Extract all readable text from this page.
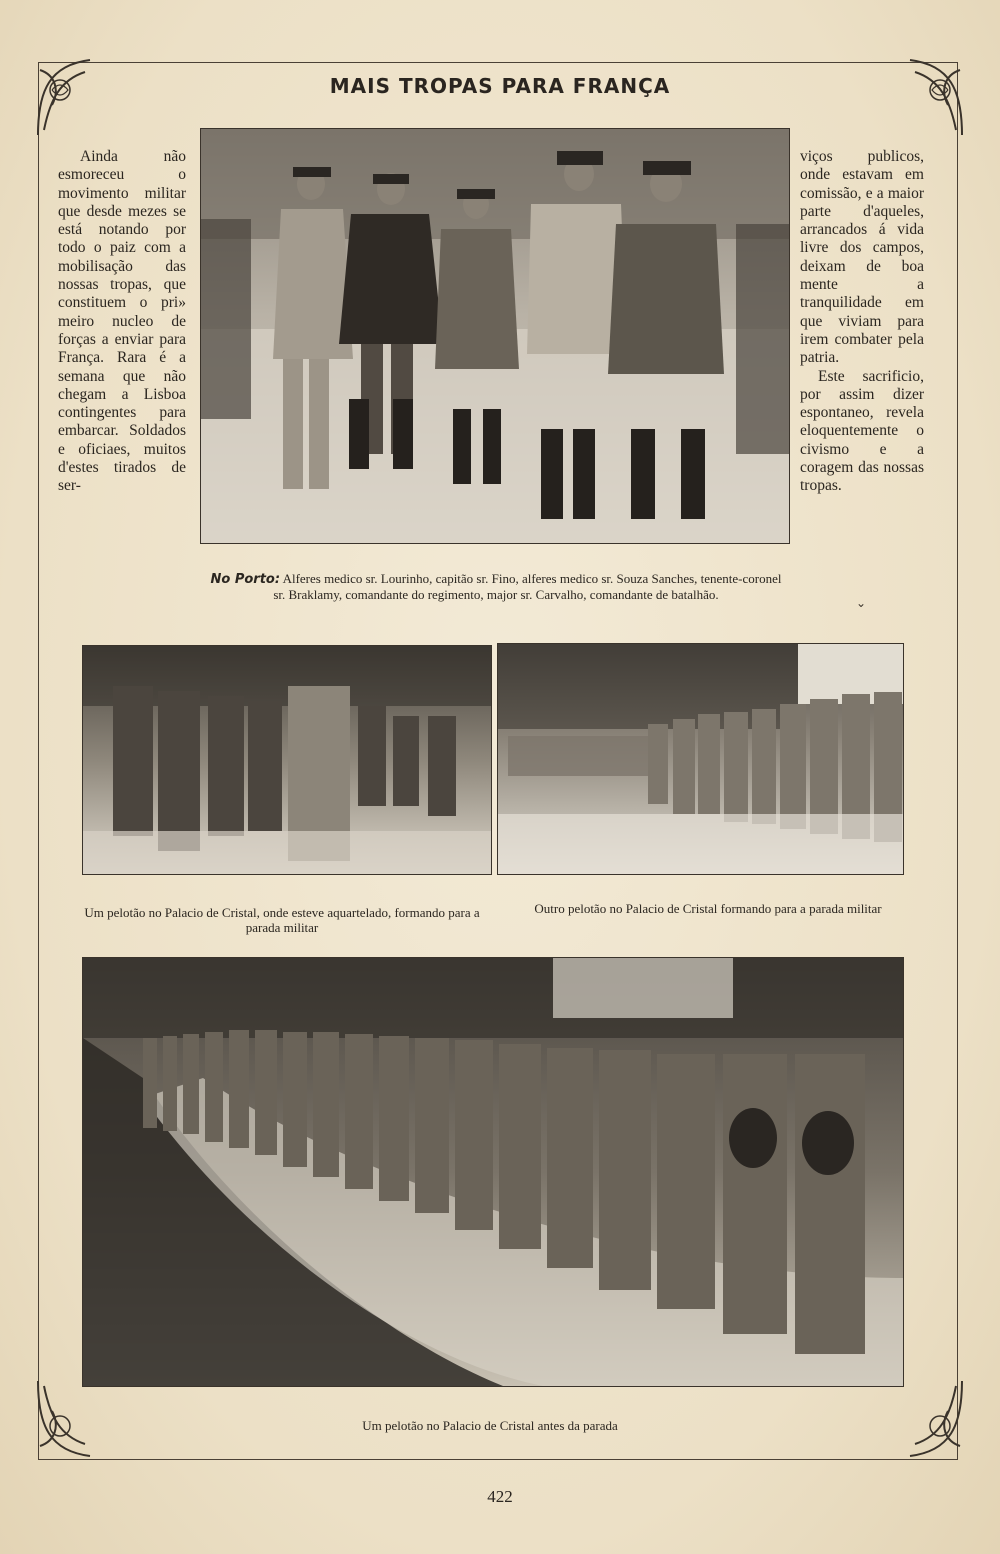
MAIS TROPAS PARA FRANÇA
Ainda não esmoreceu o movimento militar que desde mezes se está notando por todo o paiz com a mobilisação das nossas tropas, que constituem o pri» meiro nucleo de forças a enviar para França. Rara é a semana que não chegam a Lisboa contingentes para embarcar. Soldados e oficiaes, muitos d'estes tirados de ser-

viços publicos, onde estavam em comissão, e a maior parte d'aqueles, arrancados á vida livre dos campos, deixam de boa mente a tranquilidade em que viviam para irem combater pela patria.

Este sacrificio, por assim dizer espontaneo, revela eloquentemente o civismo e a coragem das nossas tropas.

No Porto: Alferes medico sr. Lourinho, capitão sr. Fino, alferes medico sr. Souza Sanches, tenente-coronel sr. Braklamy, comandante do regimento, major sr. Carvalho, comandante de batalhão.
⌄
Um pelotão no Palacio de Cristal, onde esteve aquartelado, formando para a parada militar
Outro pelotão no Palacio de Cristal formando para a parada militar
Um pelotão no Palacio de Cristal antes da parada
422
